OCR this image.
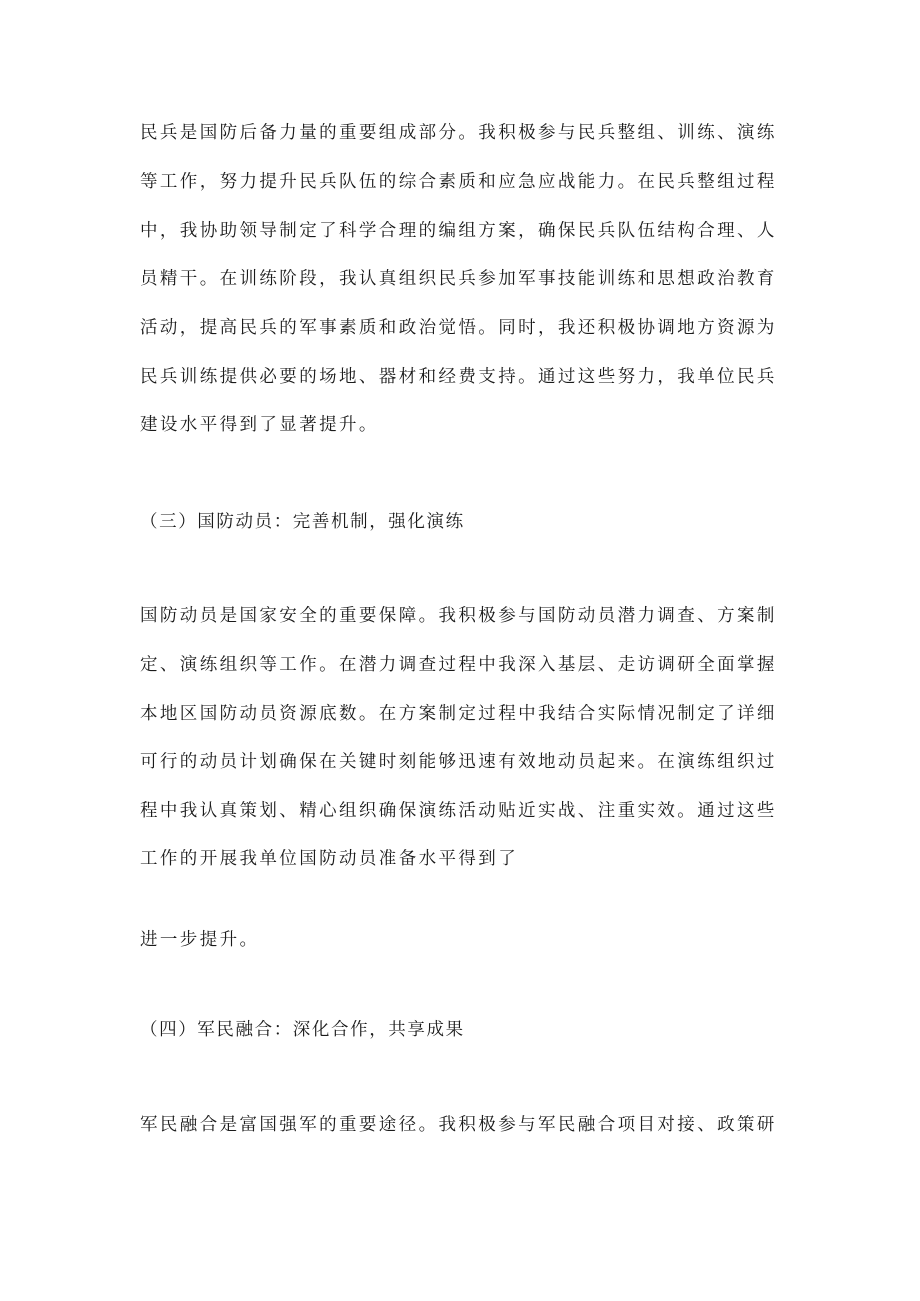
民兵是国防后备力量的重要组成部分。我积极参与民兵整组、训练、演练

等工作，努力提升民兵队伍的综合素质和应急应战能力。在民兵整组过程

中，我协助领导制定了科学合理的编组方案，确保民兵队伍结构合理、人

员精干。在训练阶段，我认真组织民兵参加军事技能训练和思想政治教育

活动，提高民兵的军事素质和政治觉悟。同时，我还积极协调地方资源为

民兵训练提供必要的场地、器材和经费支持。通过这些努力，我单位民兵

建设水平得到了显著提升。

（三）国防动员：完善机制，强化演练

国防动员是国家安全的重要保障。我积极参与国防动员潜力调查、方案制

定、演练组织等工作。在潜力调查过程中我深入基层、走访调研全面掌握

本地区国防动员资源底数。在方案制定过程中我结合实际情况制定了详细

可行的动员计划确保在关键时刻能够迅速有效地动员起来。在演练组织过

程中我认真策划、精心组织确保演练活动贴近实战、注重实效。通过这些

工作的开展我单位国防动员准备水平得到了

进一步提升。

（四）军民融合：深化合作，共享成果

军民融合是富国强军的重要途径。我积极参与军民融合项目对接、政策研
